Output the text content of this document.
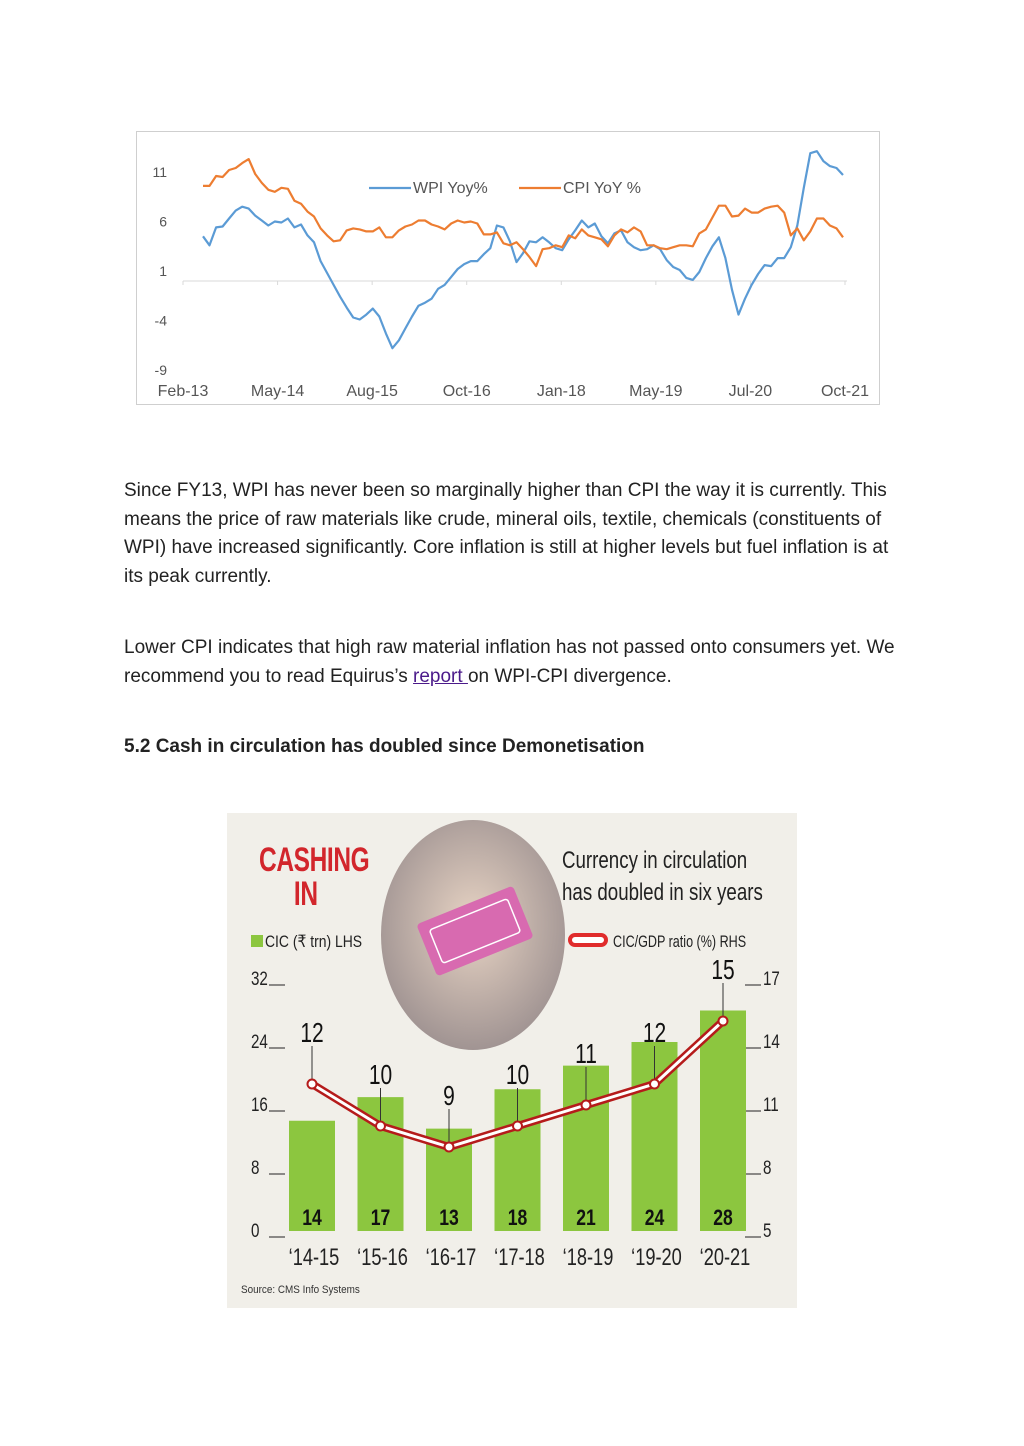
11
6
1
-4
-9
Feb-13	May-14	Aug-15	Oct-16	Jan-18	May-19	Jul-20	Oct-21
WPI Yoy%	CPI YoY %

Since FY13, WPI has never been so marginally higher than CPI the way it is currently. This means the price of raw materials like crude, mineral oils, textile, chemicals (constituents of WPI) have increased significantly. Core inflation is still at higher levels but fuel inflation is at its peak currently.

Lower CPI indicates that high raw material inflation has not passed onto consumers yet. We recommend you to read Equirus’s report on WPI-CPI divergence.

5.2 Cash in circulation has doubled since Demonetisation

CIC (₹ trn) LHS	CIC/GDP ratio (%) RHS
32
24
16
8
0
17
14
11
8
5
14
‘14-15
17
‘15-16
13
‘16-17
18
‘17-18
21
‘18-19
24
‘19-20
28
‘20-21
12
10
9
10
11
12
15
CASHING
IN
Currency in circulation
has doubled in six years
Source: CMS Info Systems
